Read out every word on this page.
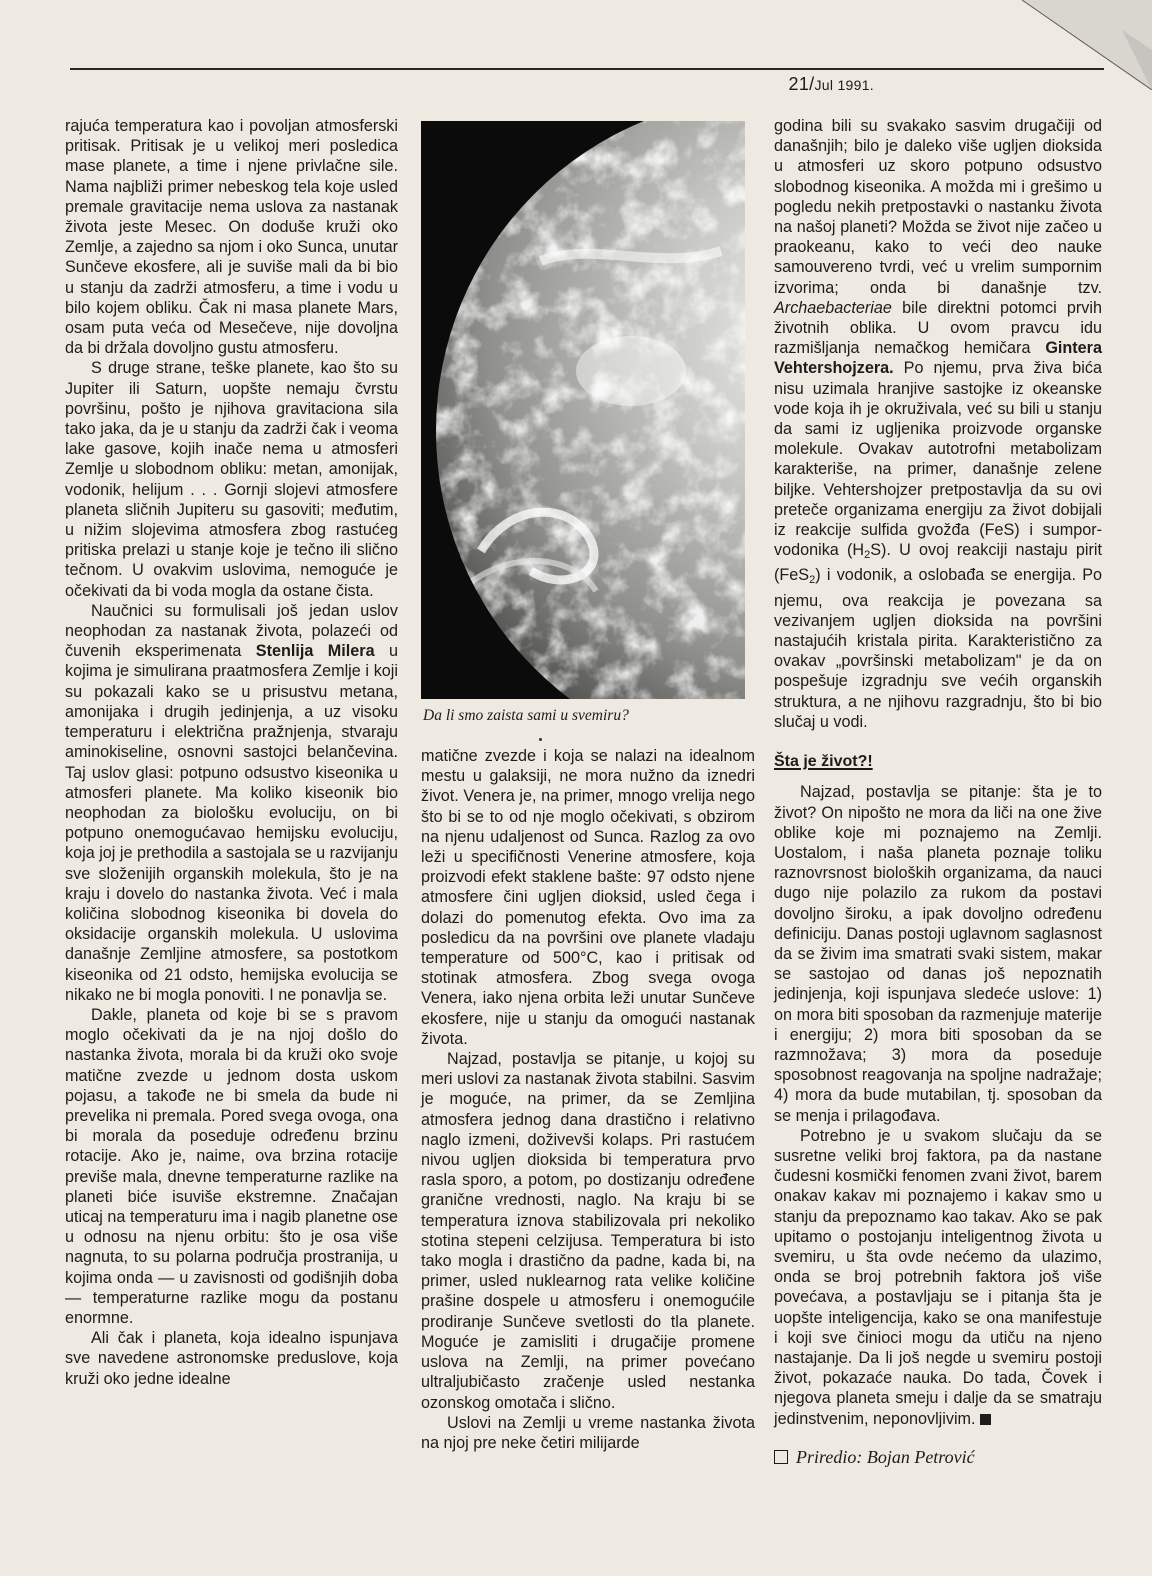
21/Jul 1991.

rajuća temperatura kao i povoljan atmosferski pritisak. Pritisak je u velikoj meri posledica mase planete, a time i njene privlačne sile. Nama najbliži primer nebeskog tela koje usled premale gravitacije nema uslova za nastanak života jeste Mesec. On doduše kruži oko Zemlje, a zajedno sa njom i oko Sunca, unutar Sunčeve ekosfere, ali je suviše mali da bi bio u stanju da zadrži atmosferu, a time i vodu u bilo kojem obliku. Čak ni masa planete Mars, osam puta veća od Mesečeve, nije dovoljna da bi držala dovoljno gustu atmosferu.

S druge strane, teške planete, kao što su Jupiter ili Saturn, uopšte nemaju čvrstu površinu, pošto je njihova gravitaciona sila tako jaka, da je u stanju da zadrži čak i veoma lake gasove, kojih inače nema u atmosferi Zemlje u slobodnom obliku: metan, amonijak, vodonik, helijum . . . Gornji slojevi atmosfere planeta sličnih Jupiteru su gasoviti; međutim, u nižim slojevima atmosfera zbog rastućeg pritiska prelazi u stanje koje je tečno ili slično tečnom. U ovakvim uslovima, nemoguće je očekivati da bi voda mogla da ostane čista.

Naučnici su formulisali još jedan uslov neophodan za nastanak života, polazeći od čuvenih eksperimenata Stenlija Milera u kojima je simulirana praatmosfera Zemlje i koji su pokazali kako se u prisustvu metana, amonijaka i drugih jedinjenja, a uz visoku temperaturu i električna pražnjenja, stvaraju aminokiseline, osnovni sastojci belančevina. Taj uslov glasi: potpuno odsustvo kiseonika u atmosferi planete. Ma koliko kiseonik bio neophodan za biološku evoluciju, on bi potpuno onemogućavao hemijsku evoluciju, koja joj je prethodila a sastojala se u razvijanju sve složenijih organskih molekula, što je na kraju i dovelo do nastanka života. Već i mala količina slobodnog kiseonika bi dovela do oksidacije organskih molekula. U uslovima današnje Zemljine atmosfere, sa postotkom kiseonika od 21 odsto, hemijska evolucija se nikako ne bi mogla ponoviti. I ne ponavlja se.

Dakle, planeta od koje bi se s pravom moglo očekivati da je na njoj došlo do nastanka života, morala bi da kruži oko svoje matične zvezde u jednom dosta uskom pojasu, a takođe ne bi smela da bude ni prevelika ni premala. Pored svega ovoga, ona bi morala da poseduje određenu brzinu rotacije. Ako je, naime, ova brzina rotacije previše mala, dnevne temperaturne razlike na planeti biće isuviše ekstremne. Značajan uticaj na temperaturu ima i nagib planetne ose u odnosu na njenu orbitu: što je osa više nagnuta, to su polarna područja prostranija, u kojima onda — u zavisnosti od godišnjih doba — temperaturne razlike mogu da postanu enormne.

Ali čak i planeta, koja idealno ispunjava sve navedene astronomske preduslove, koja kruži oko jedne idealne

Da li smo zaista sami u svemiru?

matične zvezde i koja se nalazi na idealnom mestu u galaksiji, ne mora nužno da iznedri život. Venera je, na primer, mnogo vrelija nego što bi se to od nje moglo očekivati, s obzirom na njenu udaljenost od Sunca. Razlog za ovo leži u specifičnosti Venerine atmosfere, koja proizvodi efekt staklene bašte: 97 odsto njene atmosfere čini ugljen dioksid, usled čega i dolazi do pomenutog efekta. Ovo ima za posledicu da na površini ove planete vladaju temperature od 500°C, kao i pritisak od stotinak atmosfera. Zbog svega ovoga Venera, iako njena orbita leži unutar Sunčeve ekosfere, nije u stanju da omogući nastanak života.

Najzad, postavlja se pitanje, u kojoj su meri uslovi za nastanak života stabilni. Sasvim je moguće, na primer, da se Zemljina atmosfera jednog dana drastično i relativno naglo izmeni, doživevši kolaps. Pri rastućem nivou ugljen dioksida bi temperatura prvo rasla sporo, a potom, po dostizanju određene granične vrednosti, naglo. Na kraju bi se temperatura iznova stabilizovala pri nekoliko stotina stepeni celzijusa. Temperatura bi isto tako mogla i drastično da padne, kada bi, na primer, usled nuklearnog rata velike količine prašine dospele u atmosferu i onemogućile prodiranje Sunčeve svetlosti do tla planete. Moguće je zamisliti i drugačije promene uslova na Zemlji, na primer povećano ultraljubičasto zračenje usled nestanka ozonskog omotača i slično.

Uslovi na Zemlji u vreme nastanka života na njoj pre neke četiri milijarde

godina bili su svakako sasvim drugačiji od današnjih; bilo je daleko više ugljen dioksida u atmosferi uz skoro potpuno odsustvo slobodnog kiseonika. A možda mi i grešimo u pogledu nekih pretpostavki o nastanku života na našoj planeti? Možda se život nije začeo u praokeanu, kako to veći deo nauke samouvereno tvrdi, već u vrelim sumpornim izvorima; onda bi današnje tzv. Archaebacteriae bile direktni potomci prvih životnih oblika. U ovom pravcu idu razmišljanja nemačkog hemičara Gintera Vehtershojzera. Po njemu, prva živa bića nisu uzimala hranjive sastojke iz okeanske vode koja ih je okruživala, već su bili u stanju da sami iz ugljenika proizvode organske molekule. Ovakav autotrofni metabolizam karakteriše, na primer, današnje zelene biljke. Vehtershojzer pretpostavlja da su ovi preteče organizama energiju za život dobijali iz reakcije sulfida gvožđa (FeS) i sumpor-vodonika $(H_2S)$. U ovoj reakciji nastaju pirit (FeS$_2$) i vodonik, a oslobađa se energija. Po njemu, ova reakcija je povezana sa vezivanjem ugljen dioksida na površini nastajućih kristala pirita. Karakteristično za ovakav „površinski metabolizam" je da on pospešuje izgradnju sve većih organskih struktura, a ne njihovu razgradnju, što bi bio slučaj u vodi.

Šta je život?!

Najzad, postavlja se pitanje: šta je to život? On nipošto ne mora da liči na one žive oblike koje mi poznajemo na Zemlji. Uostalom, i naša planeta poznaje toliku raznovrsnost bioloških organizama, da nauci dugo nije polazilo za rukom da postavi dovoljno široku, a ipak dovoljno određenu definiciju. Danas postoji uglavnom saglasnost da se živim ima smatrati svaki sistem, makar se sastojao od danas još nepoznatih jedinjenja, koji ispunjava sledeće uslove: 1) on mora biti sposoban da razmenjuje materije i energiju; 2) mora biti sposoban da se razmnožava; 3) mora da poseduje sposobnost reagovanja na spoljne nadražaje; 4) mora da bude mutabilan, tj. sposoban da se menja i prilagođava.

Potrebno je u svakom slučaju da se susretne veliki broj faktora, pa da nastane čudesni kosmički fenomen zvani život, barem onakav kakav mi poznajemo i kakav smo u stanju da prepoznamo kao takav. Ako se pak upitamo o postojanju inteligentnog života u svemiru, u šta ovde nećemo da ulazimo, onda se broj potrebnih faktora još više povećava, a postavljaju se i pitanja šta je uopšte inteligencija, kako se ona manifestuje i koji sve činioci mogu da utiču na njeno nastajanje. Da li još negde u svemiru postoji život, pokazaće nauka. Do tada, Čovek i njegova planeta smeju i dalje da se smatraju jedinstvenim, neponovljivim.

Priredio: Bojan Petrović
